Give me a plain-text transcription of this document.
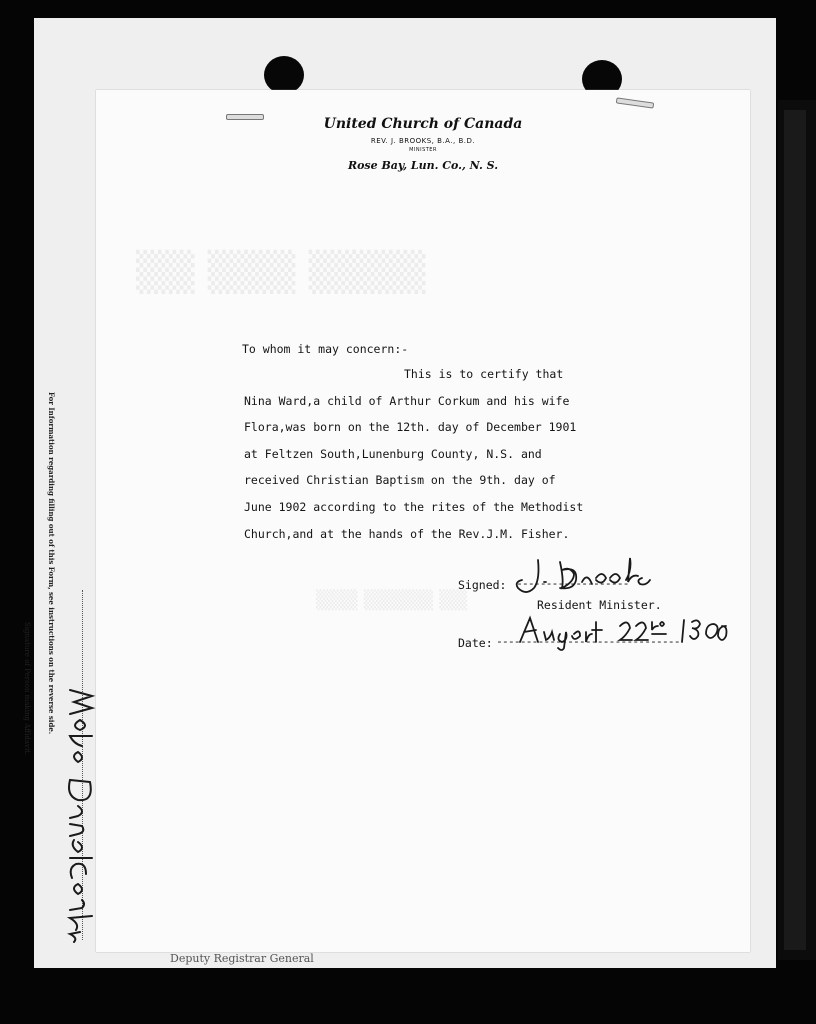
For Information regarding filling out of this Form, see instructions on the reverse side.
Signature of Person making Affidavit.
Deputy Registrar General
▒▒ ▒▒▒ ▒▒▒▒
▒▒▒ ▒▒▒▒▒ ▒▒
United Church of Canada
REV. J. BROOKS, B.A., B.D.
MINISTER
Rose Bay, Lun. Co., N. S.
To whom it may concern:-
This is to certify that
Nina Ward,a child of Arthur Corkum and his wife
Flora,was born on the 12th. day of December 1901
at Feltzen South,Lunenburg County, N.S. and
received Christian Baptism on the 9th. day of
June 1902 according to the rites of the Methodist
Church,and at the hands of the Rev.J.M. Fisher.
Signed: -------------------
Resident Minister.
Date: -------------------------------
